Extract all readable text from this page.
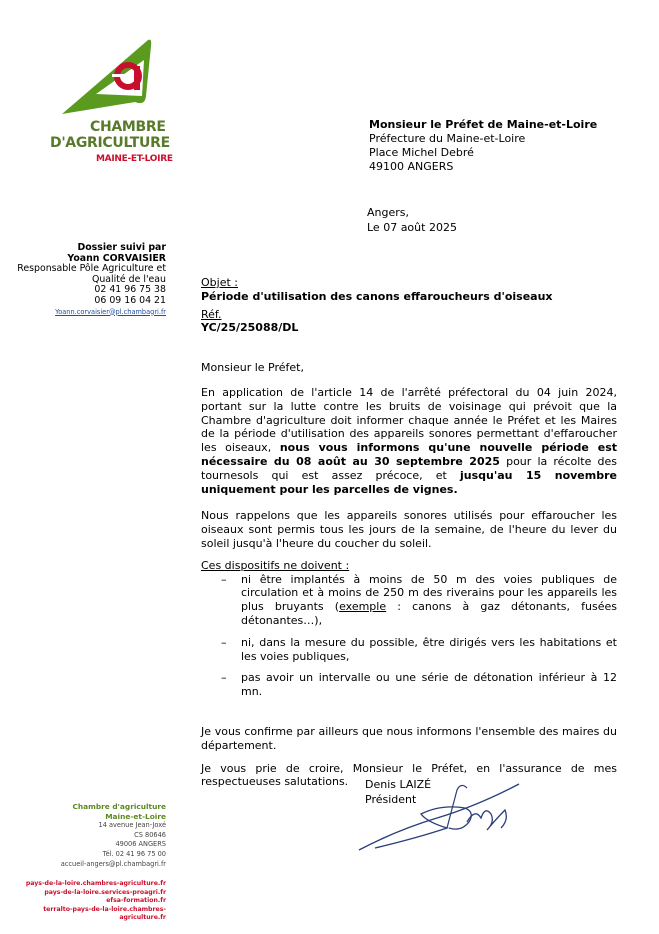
CHAMBRE
D'AGRICULTURE
MAINE-ET-LOIRE
Dossier suivi par
Yoann CORVAISIER
Responsable Pôle Agriculture et
Qualité de l'eau
02 41 96 75 38
06 09 16 04 21
Yoann.corvaisier@pl.chambagri.fr
Chambre d'agriculture
Maine-et-Loire
14 avenue Jean-Joxé
CS 80646
49006 ANGERS
Tél. 02 41 96 75 00
accueil-angers@pl.chambagri.fr
pays-de-la-loire.chambres-agriculture.fr
pays-de-la-loire.services-proagri.fr
efsa-formation.fr
terralto-pays-de-la-loire.chambres-agriculture.fr
Monsieur le Préfet de Maine-et-Loire
Préfecture du Maine-et-Loire
Place Michel Debré
49100 ANGERS
Angers,
Le 07 août 2025

Objet :

Période d'utilisation des canons effaroucheurs d'oiseaux

Réf.

YC/25/25088/DL

Monsieur le Préfet,

En application de l'article 14 de l'arrêté préfectoral du 04 juin 2024, portant sur la lutte contre les bruits de voisinage qui prévoit que la Chambre d'agriculture doit informer chaque année le Préfet et les Maires de la période d'utilisation des appareils sonores permettant d'effaroucher les oiseaux, nous vous informons qu'une nouvelle période est nécessaire du 08 août au 30 septembre 2025 pour la récolte des tournesols qui est assez précoce, et jusqu'au 15 novembre uniquement pour les parcelles de vignes.

Nous rappelons que les appareils sonores utilisés pour effaroucher les oiseaux sont permis tous les jours de la semaine, de l'heure du lever du soleil jusqu'à l'heure du coucher du soleil.

Ces dispositifs ne doivent :

– ni être implantés à moins de 50 m des voies publiques de circulation et à moins de 250 m des riverains pour les appareils les plus bruyants (exemple : canons à gaz détonants, fusées détonantes…),
– ni, dans la mesure du possible, être dirigés vers les habitations et les voies publiques,
– pas avoir un intervalle ou une série de détonation inférieur à 12 mn.

Je vous confirme par ailleurs que nous informons l'ensemble des maires du département.

Je vous prie de croire, Monsieur le Préfet, en l'assurance de mes respectueuses salutations.	Denis LAIZÉ
Président
